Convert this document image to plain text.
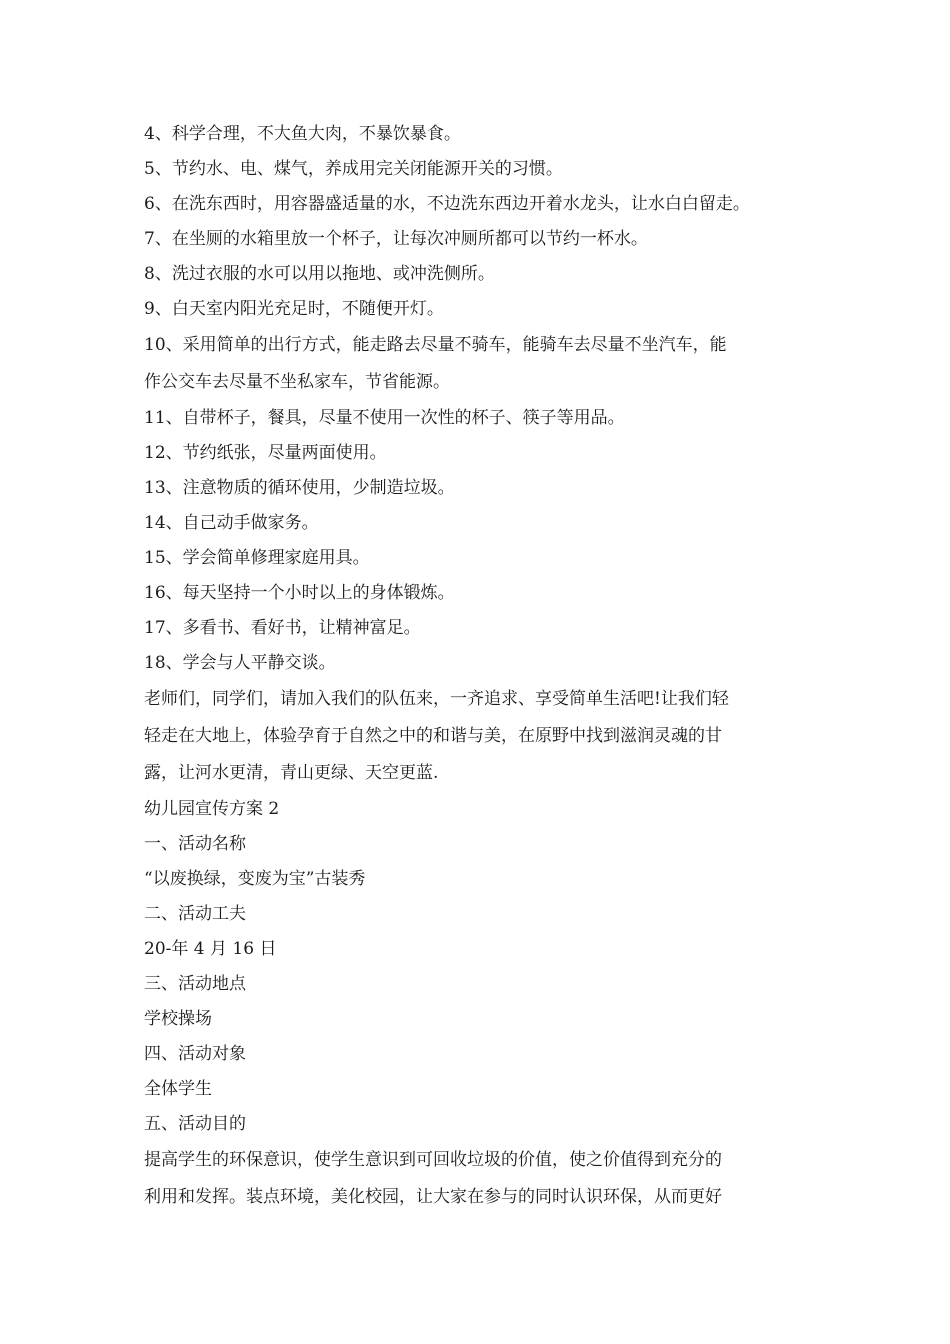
4、科学合理，不大鱼大肉，不暴饮暴食。
5、节约水、电、煤气，养成用完关闭能源开关的习惯。
6、在洗东西时，用容器盛适量的水，不边洗东西边开着水龙头，让水白白留走。
7、在坐厕的水箱里放一个杯子，让每次冲厕所都可以节约一杯水。
8、洗过衣服的水可以用以拖地、或冲洗侧所。
9、白天室内阳光充足时，不随便开灯。
10、采用简单的出行方式，能走路去尽量不骑车，能骑车去尽量不坐汽车，能
作公交车去尽量不坐私家车，节省能源。
11、自带杯子，餐具，尽量不使用一次性的杯子、筷子等用品。
12、节约纸张，尽量两面使用。
13、注意物质的循环使用，少制造垃圾。
14、自己动手做家务。
15、学会简单修理家庭用具。
16、每天坚持一个小时以上的身体锻炼。
17、多看书、看好书，让精神富足。
18、学会与人平静交谈。
老师们，同学们，请加入我们的队伍来，一齐追求、享受简单生活吧!让我们轻
轻走在大地上，体验孕育于自然之中的和谐与美，在原野中找到滋润灵魂的甘
露，让河水更清，青山更绿、天空更蓝.
幼儿园宣传方案 2
一、活动名称
“以废换绿，变废为宝”古装秀
二、活动工夫
20-年 4 月 16 日
三、活动地点
学校操场
四、活动对象
全体学生
五、活动目的
提高学生的环保意识，使学生意识到可回收垃圾的价值，使之价值得到充分的
利用和发挥。装点环境，美化校园，让大家在参与的同时认识环保，从而更好
